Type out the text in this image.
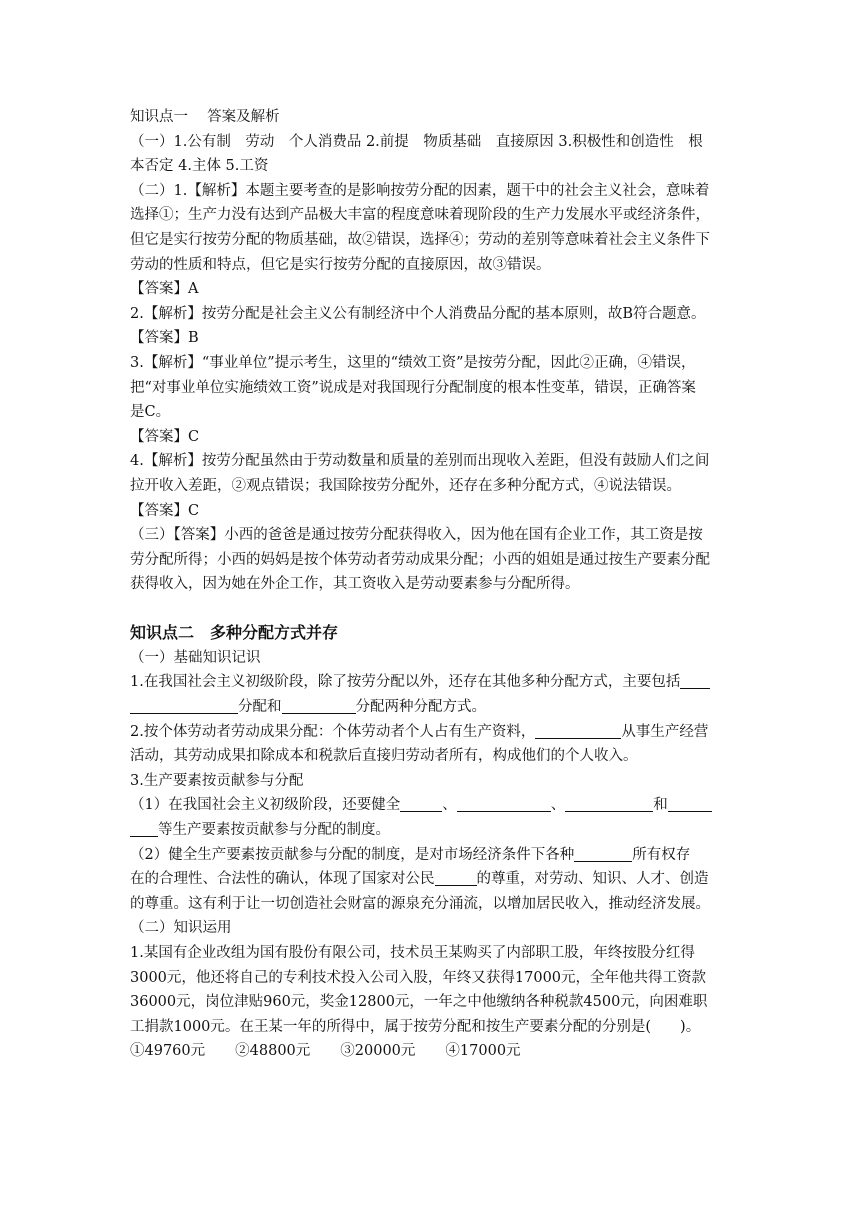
知识点一　 答案及解析
（一）1.公有制　劳动　个人消费品 2.前提　物质基础　直接原因 3.积极性和创造性　根
本否定 4.主体 5.工资
（二）1.【解析】本题主要考查的是影响按劳分配的因素，题干中的社会主义社会，意味着
选择①；生产力没有达到产品极大丰富的程度意味着现阶段的生产力发展水平或经济条件，
但它是实行按劳分配的物质基础，故②错误，选择④；劳动的差别等意味着社会主义条件下
劳动的性质和特点，但它是实行按劳分配的直接原因，故③错误。
【答案】A
2.【解析】按劳分配是社会主义公有制经济中个人消费品分配的基本原则，故B符合题意。
【答案】B
3.【解析】“事业单位”提示考生，这里的“绩效工资”是按劳分配，因此②正确，④错误，
把“对事业单位实施绩效工资”说成是对我国现行分配制度的根本性变革，错误，正确答案
是C。
【答案】C
4.【解析】按劳分配虽然由于劳动数量和质量的差别而出现收入差距，但没有鼓励人们之间
拉开收入差距，②观点错误；我国除按劳分配外，还存在多种分配方式，④说法错误。
【答案】C
（三）【答案】小西的爸爸是通过按劳分配获得收入，因为他在国有企业工作，其工资是按
劳分配所得；小西的妈妈是按个体劳动者劳动成果分配；小西的姐姐是通过按生产要素分配
获得收入，因为她在外企工作，其工资收入是劳动要素参与分配所得。
知识点二　多种分配方式并存
（一）基础知识记识
1.在我国社会主义初级阶段，除了按劳分配以外，还存在其他多种分配方式，主要包括
分配和	分配两种分配方式。
2.按个体劳动者劳动成果分配：个体劳动者个人占有生产资料，	从事生产经营
活动，其劳动成果扣除成本和税款后直接归劳动者所有，构成他们的个人收入。
3.生产要素按贡献参与分配
（1）在我国社会主义初级阶段，还要健全	、	、	和
等生产要素按贡献参与分配的制度。
（2）健全生产要素按贡献参与分配的制度，是对市场经济条件下各种	所有权存
在的合理性、合法性的确认，体现了国家对公民	的尊重，对劳动、知识、人才、创造
的尊重。这有利于让一切创造社会财富的源泉充分涌流，以增加居民收入，推动经济发展。
（二）知识运用
1.某国有企业改组为国有股份有限公司，技术员王某购买了内部职工股，年终按股分红得
3000元，他还将自己的专利技术投入公司入股，年终又获得17000元，全年他共得工资款
36000元，岗位津贴960元，奖金12800元，一年之中他缴纳各种税款4500元，向困难职
工捐款1000元。在王某一年的所得中，属于按劳分配和按生产要素分配的分别是(　　)。
①49760元 ②48800元 ③20000元 ④17000元
